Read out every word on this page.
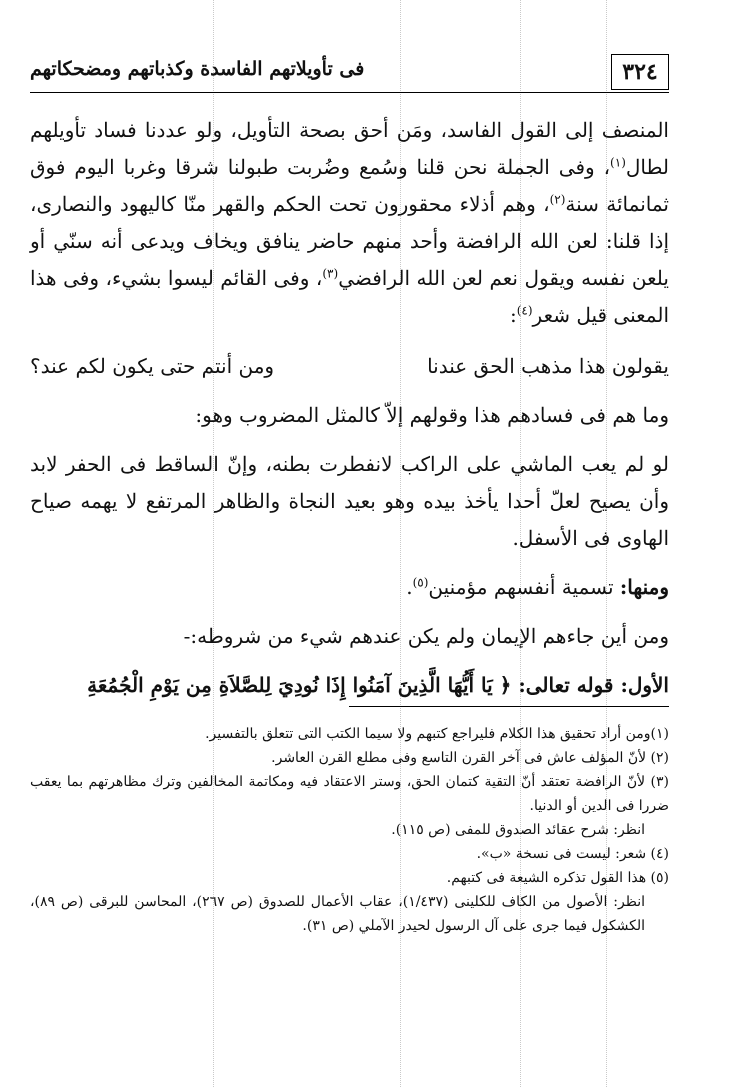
٣٢٤
فى تأويلاتهم الفاسدة وكذباتهم ومضحكاتهم

المنصف إلى القول الفاسد، ومَن أحق بصحة التأويل، ولو عددنا فساد تأويلهم لطال$^{(١)}$، وفى الجملة نحن قلنا وسُمع وضُربت طبولنا شرقا وغربا اليوم فوق ثمانمائة سنة$^{(٢)}$، وهم أذلاء محقورون تحت الحكم والقهر منّا كاليهود والنصارى، إذا قلنا: لعن الله الرافضة وأحد منهم حاضر ينافق ويخاف ويدعى أنه سنّي أو يلعن نفسه ويقول نعم لعن الله الرافضي$^{(٣)}$، وفى القائم ليسوا بشيء، وفى هذا المعنى قيل شعر$^{(٤)}$:

يقولون هذا مذهب الحق عندنا
ومن أنتم حتى يكون لكم عند؟

وما هم فى فسادهم هذا وقولهم إلاّ كالمثل المضروب وهو:

لو لم يعب الماشي على الراكب لانفطرت بطنه، وإنّ الساقط فى الحفر لابد وأن يصيح لعلّ أحدا يأخذ بيده وهو بعيد النجاة والظاهر المرتفع لا يهمه صياح الهاوى فى الأسفل.

ومنها: تسمية أنفسهم مؤمنين$^{(٥)}$.

ومن أين جاءهم الإيمان ولم يكن عندهم شيء من شروطه:-

الأول: قوله تعالى: ﴿ يَا أَيُّهَا الَّذِينَ آمَنُوا إِذَا نُودِيَ لِلصَّلاَةِ مِن يَوْمِ الْجُمُعَةِ

(١)ومن أراد تحقيق هذا الكلام فليراجع كتبهم ولا سيما الكتب التى تتعلق بالتفسير.

(٢) لأنّ المؤلف عاش فى آخر القرن التاسع وفى مطلع القرن العاشر.

(٣) لأنّ الرافضة تعتقد أنّ التقية كتمان الحق، وستر الاعتقاد فيه ومكاتمة المخالفين وترك مظاهرتهم بما يعقب ضررا فى الدين أو الدنيا.

انظر: شرح عقائد الصدوق للمفى (ص ١١٥).

(٤) شعر: ليست فى نسخة «ب».

(٥) هذا القول تذكره الشيعة فى كتبهم.

انظر: الأصول من الكاف للكلينى (١/٤٣٧)، عقاب الأعمال للصدوق (ص ٢٦٧)، المحاسن للبرقى (ص ٨٩)، الكشكول فيما جرى على آل الرسول لحيدر الآملي (ص ٣١).
